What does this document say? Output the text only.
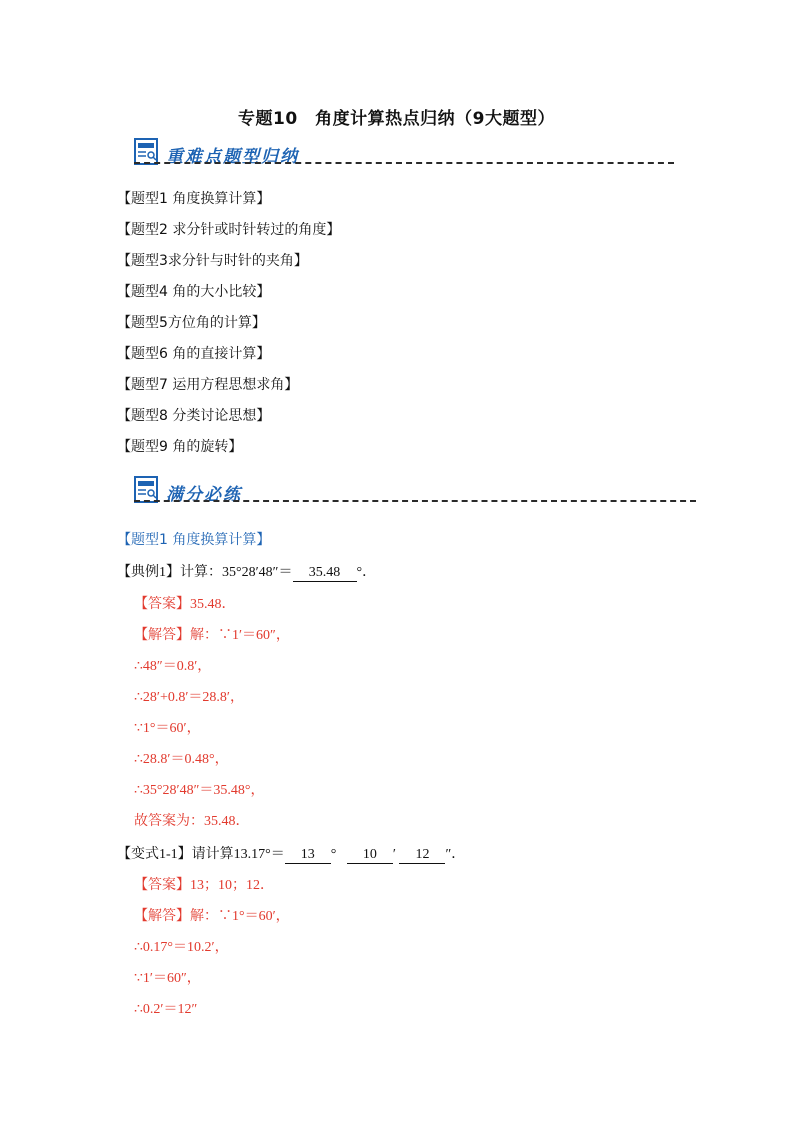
专题10　角度计算热点归纳（9大题型）
重难点题型归纳
【题型1 角度换算计算】
【题型2 求分针或时针转过的角度】
【题型3求分针与时针的夹角】
【题型4 角的大小比较】
【题型5方位角的计算】
【题型6 角的直接计算】
【题型7 运用方程思想求角】
【题型8 分类讨论思想】
【题型9 角的旋转】
满分必练
【题型1 角度换算计算】
【典例1】计算：35°28′48″＝ 35.48 °．
【答案】35.48．
【解答】解：∵1′＝60″，
∴48″＝0.8′，
∴28′+0.8′＝28.8′，
∵1°＝60′，
∴28.8′＝0.48°，
∴35°28′48″＝35.48°，
故答案为：35.48．
【变式1-1】请计算13.17°＝ 13 ° 10 ′ 12 ″．
【答案】13；10；12．
【解答】解：∵1°＝60′，
∴0.17°＝10.2′，
∵1′＝60″，
∴0.2′＝12″
